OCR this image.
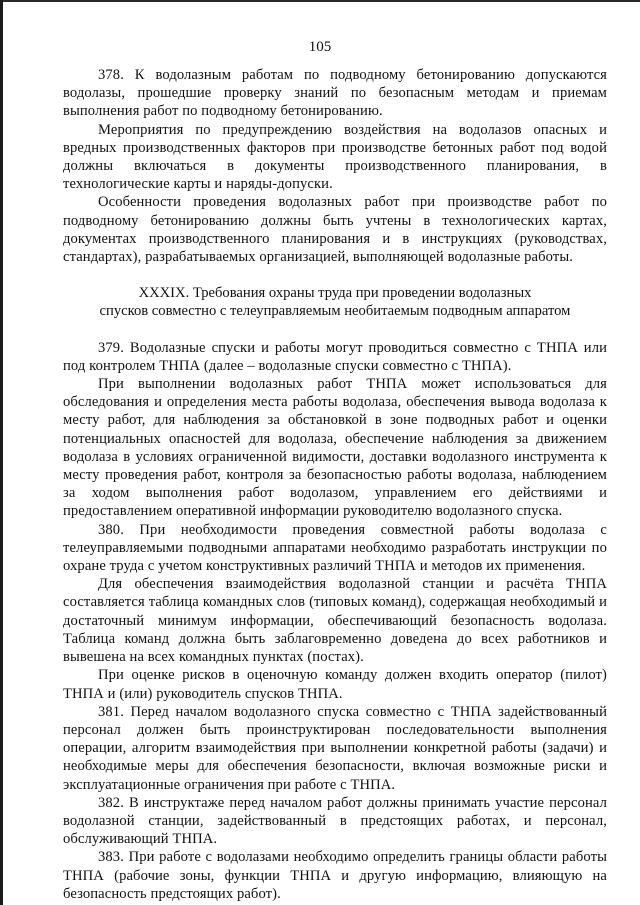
105

378. К водолазным работам по подводному бетонированию допускаются водолазы, прошедшие проверку знаний по безопасным методам и приемам выполнения работ по подводному бетонированию.

Мероприятия по предупреждению воздействия на водолазов опасных и вредных производственных факторов при производстве бетонных работ под водой должны включаться в документы производственного планирования, в технологические карты и наряды-допуски.

Особенности проведения водолазных работ при производстве работ по подводному бетонированию должны быть учтены в технологических картах, документах производственного планирования и в инструкциях (руководствах, стандартах), разрабатываемых организацией, выполняющей водолазные работы.

XXXIX. Требования охраны труда при проведении водолазных
спусков совместно с телеуправляемым необитаемым подводным аппаратом

379. Водолазные спуски и работы могут проводиться совместно с ТНПА или под контролем ТНПА (далее – водолазные спуски совместно с ТНПА).

При выполнении водолазных работ ТНПА может использоваться для обследования и определения места работы водолаза, обеспечения вывода водолаза к месту работ, для наблюдения за обстановкой в зоне подводных работ и оценки потенциальных опасностей для водолаза, обеспечение наблюдения за движением водолаза в условиях ограниченной видимости, доставки водолазного инструмента к месту проведения работ, контроля за безопасностью работы водолаза, наблюдением за ходом выполнения работ водолазом, управлением его действиями и предоставлением оперативной информации руководителю водолазного спуска.

380. При необходимости проведения совместной работы водолаза с телеуправляемыми подводными аппаратами необходимо разработать инструкции по охране труда с учетом конструктивных различий ТНПА и методов их применения.

Для обеспечения взаимодействия водолазной станции и расчёта ТНПА составляется таблица командных слов (типовых команд), содержащая необходимый и достаточный минимум информации, обеспечивающий безопасность водолаза. Таблица команд должна быть заблаговременно доведена до всех работников и вывешена на всех командных пунктах (постах).

При оценке рисков в оценочную команду должен входить оператор (пилот) ТНПА и (или) руководитель спусков ТНПА.

381. Перед началом водолазного спуска совместно с ТНПА задействованный персонал должен быть проинструктирован последовательности выполнения операции, алгоритм взаимодействия при выполнении конкретной работы (задачи) и необходимые меры для обеспечения безопасности, включая возможные риски и эксплуатационные ограничения при работе с ТНПА.

382. В инструктаже перед началом работ должны принимать участие персонал водолазной станции, задействованный в предстоящих работах, и персонал, обслуживающий ТНПА.

383. При работе с водолазами необходимо определить границы области работы ТНПА (рабочие зоны, функции ТНПА и другую информацию, влияющую на безопасность предстоящих работ).
